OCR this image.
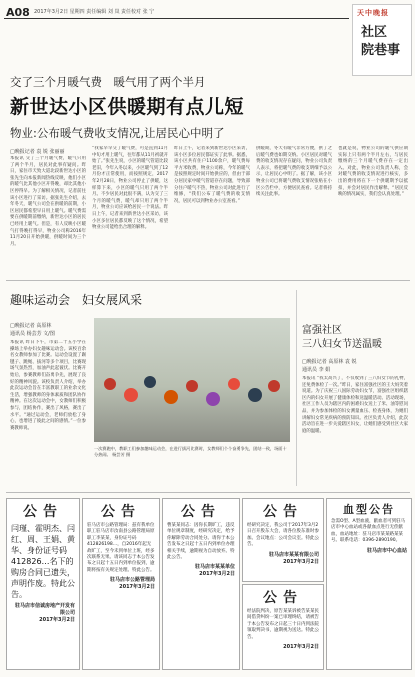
A08 2017年3月2日 星期四 责任编辑 刘 岚 责任校对 张 宁	天中晚报
社区
院巷事
交了三个月暖气费　暖气用了两个半月
新世达小区供暖期有点儿短
物业:公布暖气费收支情况,让居民心中明了
□晚报记者 袁 锐 张丽丽
本报讯 交了三个月暖气费，暖气只用了两个半月，居民对此事有疑问。昨日，家住市天致大道北段新世达小区的张先生向本报新闻热线反映，他们小区的暖气比其他小区开得晚，却比其他小区停得早。为了解相关情况，记者前往该小区进行了采访。据张先生介绍，去年冬天，暖气公司会在供暖的前期，小区居民都希望早日用上暖气。暖气费需要在供暖期前缴纳，新世达小区的居民已经用上暖气。但是，有人反映小区暖气打得晚打得早，物业公司称2016年11月20日开始供暖，供暖时间为三个月。
“我家早早交了暖气费，可是直到11月中旬才用上暖气，往年都从11月初就开始了。”张先生说，小区的暖气管道比较老旧，今年入冬以来，小区暖气到了12月份才正常使用，而按照规定，2017年2月28日，物业公司停止了供暖，这样算下来，小区的暖气只用了两个半月。不少居民对此很不满，认为交了三个月的暖气费，暖气却只用了两个半月，物业公司应该给居民一个说法。昨日上午，记者来到新世达小区采访，该小区多位居民都反映了这个情况，希望物业公司能给出合理的解释。
昨日上午，记者来到新世达小区采访，该小区多位居民都证实了此事。据悉，该小区共有住户1100余户，暖气费每平方米收费，物业公司称，今年的暖气是按照规定时间开始供应的，但由于部分居民家中暖气管道存在问题，导致部分住户暖气不热，物业公司对此进行了维修，“我们公布了暖气费的收支情况，居民可以到物业办公室查看。”
供暖期，冬天有暖气非常方便，供了之后暖气费也如期交纳。小区居民对暖气费的收支情况存在疑问，物业公司负责人表示，将把暖气费的收支明细予以公示，让居民心中明了。据了解，该小区物业公司已将暖气费收支情况张贴在小区公告栏中，方便居民查看。记者将持续关注此事。
也就是说，物业公司的暖气供应期实际上只有两个半月左右，与居民缴纳的三个月暖气费存在一定出入。对此，物业公司负责人称，会对暖气费的收支情况进行核实，多出的费用将在下一个供暖期予以抵扣，并会对居民作出解释。“居民反映的情况属实，我们会认真处理。”
趣味运动会　妇女展风采
□晚报记者 高原林
通讯员 杨芸芳 文/图
本报讯 昨日下午，市第二十五小学在操场上举办妇女趣味运动会。该校百余名女教师参加了比赛。运动会设置了踢毽子、跳绳、拔河等多个项目，比赛现场气氛热烈，加油声此起彼伏。比赛开始后，参赛教师们奋勇争先，展现了良好的精神风貌。该校负责人介绍，举办此次运动会旨在丰富教职工的业余文化生活，增强教师的身体素质和团队协作精神。在这次运动会中，女教师们积极参与，团结协作，赛出了风格，赛出了水平。“通过运动会，老师们放松了身心，也增进了彼此之间的感情。”一位参赛教师说。
一次赛跑中，教职工们参加趣味运动会，在进行拔河比赛时，女教师们个个奋勇争先，团结一致，场面十分热闹。 杨芸芳 摄
富强社区
三八妇女节送温暖
□晚报记者 高原林 袁 锐
通讯员 李 娟
本报讯 “我太高兴了，不仅收到了三八妇女节的礼物，还免费体检了一次。”昨日，家住富强社区的王大妈笑着说道。为了庆祝三八国际劳动妇女节，富强社区组织辖区内的妇女开展了健康体检和送温暖活动。活动现场，社区工作人员为辖区内的困难妇女送上了米、油等慰问品，并为参加体检的妇女测量血压、检查身体，为她们讲解妇女常见疾病的预防知识。社区负责人介绍，此次活动旨在进一步关爱辖区妇女，让她们感受到社区大家庭的温暖。
公告
闫瑾、霍明杰、闫红、周、王娟、黄华、身份证号码412826…名下的购房合同已遗失，声明作废。特此公告。
驻马店市信诚房地产开发有限公司
2017年3月2日
公告
驻马店市公路管理局：兹有我单位职工驻马店市汝南县公路管理局原职工李某某，身份证号码412826198…，自2016年起无故旷工，至今未到单位上班，经多次联系无果。请该同志于本公告发布之日起十五日内到单位报到，逾期将按有关规定处理。特此公告。
驻马店市公路管理局
2017年3月2日
公告
曹某某同志：因你长期旷工，违反单位规章制度，经研究决定，给予你解除劳动合同处分。请你于本公告发布之日起十五日内到单位办理相关手续，逾期视为自动放弃。特此公告。
驻马店市某某单位
2017年3月2日
公告
经研究决定，我公司于2017年3月2日召开股东大会，请各位股东准时参加。会议地点：公司会议室。特此公告。
驻马店市某某有限公司
2017年3月2日
公告
经法院判决，原告某某诉被告某某民间借贷纠纷一案已审理终结，请被告于本公告发布之日起三十日内到法院领取判决书，逾期视为送达。特此公告。
2017年3月2日
血型公告
急需O型、A型血液，献血者可到驻马店市中心血站或各献血点进行无偿献血，血站地址：驻马店市某某路某某号。联系电话：0396-2890190。
驻马店市中心血站
